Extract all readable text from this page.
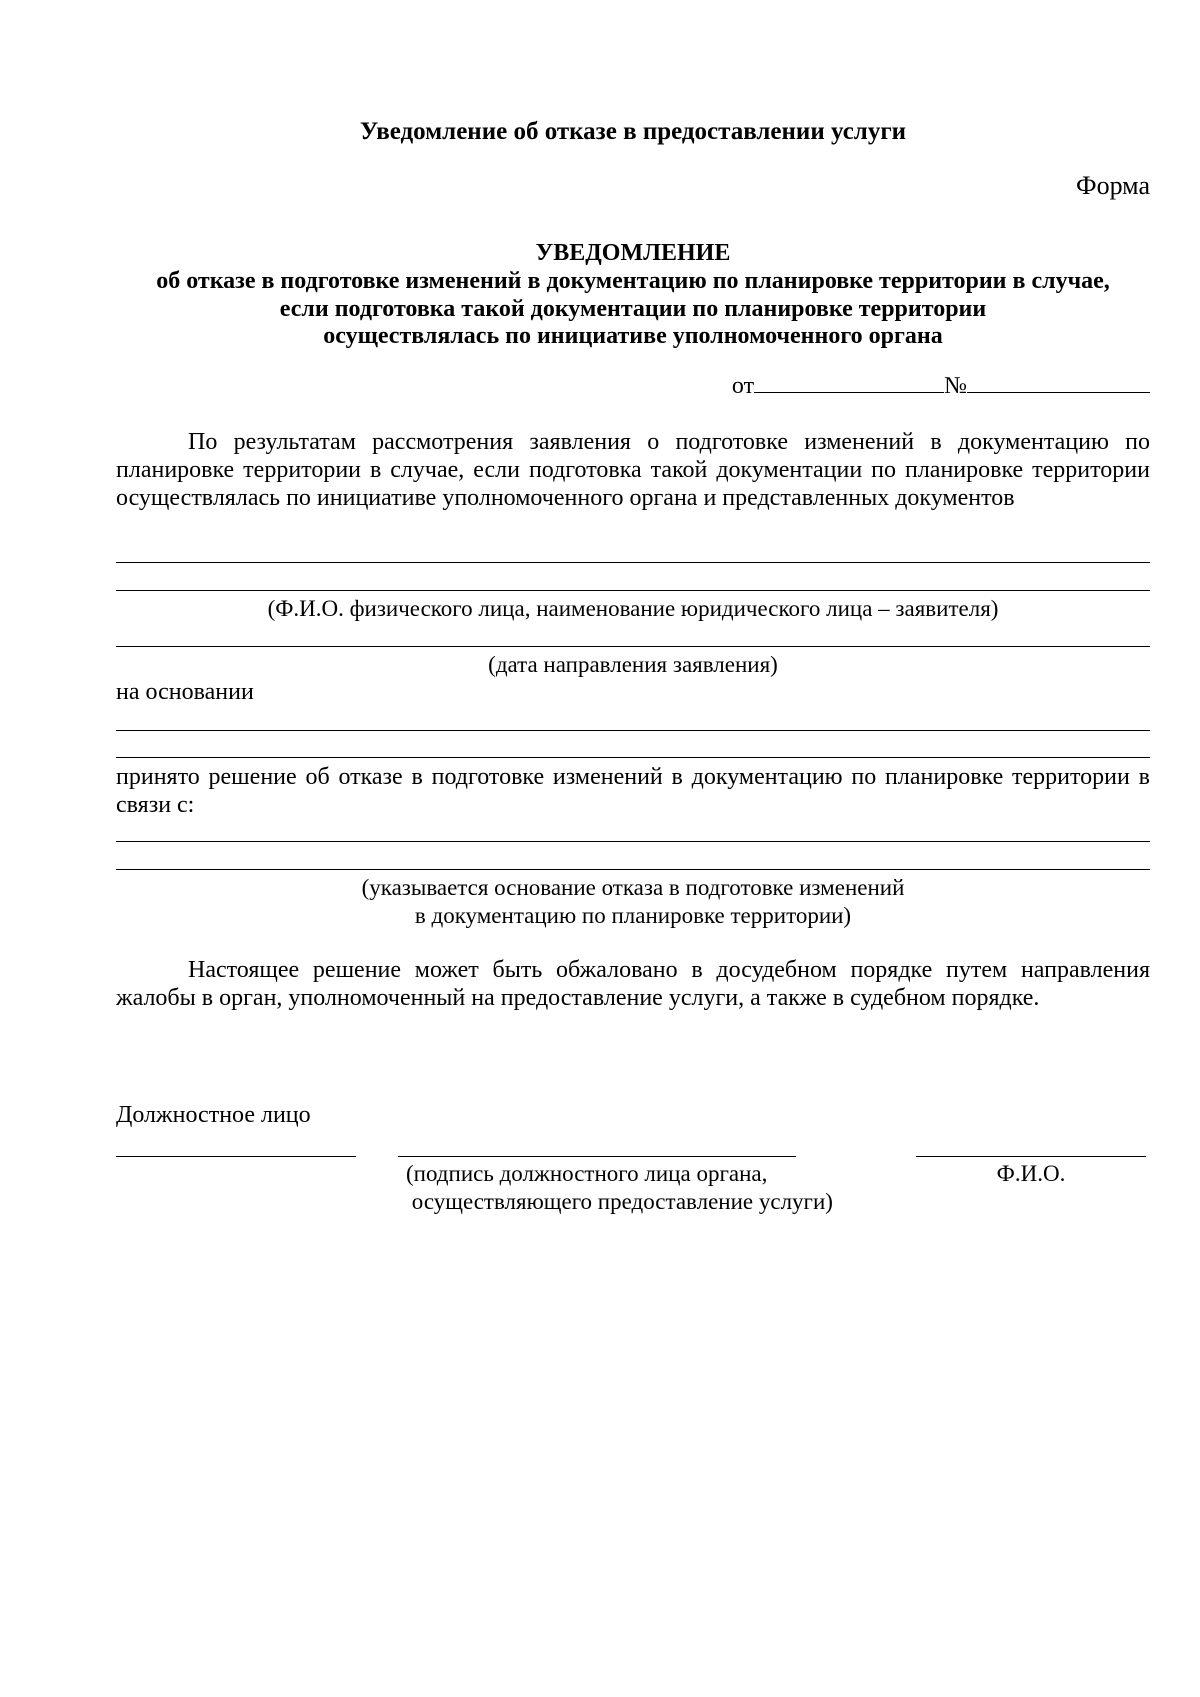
Уведомление об отказе в предоставлении услуги
Форма
УВЕДОМЛЕНИЕ
об отказе в подготовке изменений в документацию по планировке территории в случае,
если подготовка такой документации по планировке территории
осуществлялась по инициативе уполномоченного органа
от	№
По результатам рассмотрения заявления о подготовке изменений в документацию по планировке территории в случае, если подготовка такой документации по планировке территории осуществлялась по инициативе уполномоченного органа и представленных документов
(Ф.И.О. физического лица, наименование юридического лица – заявителя)
(дата направления заявления)
на основании
принято решение об отказе в подготовке изменений в документацию по планировке территории в связи с:
(указывается основание отказа в подготовке изменений
в документацию по планировке территории)
Настоящее решение может быть обжаловано в досудебном порядке путем направления жалобы в орган, уполномоченный на предоставление услуги, а также в судебном порядке.
Должностное лицо
(подпись должностного лица органа,
осуществляющего предоставление услуги)
Ф.И.О.
